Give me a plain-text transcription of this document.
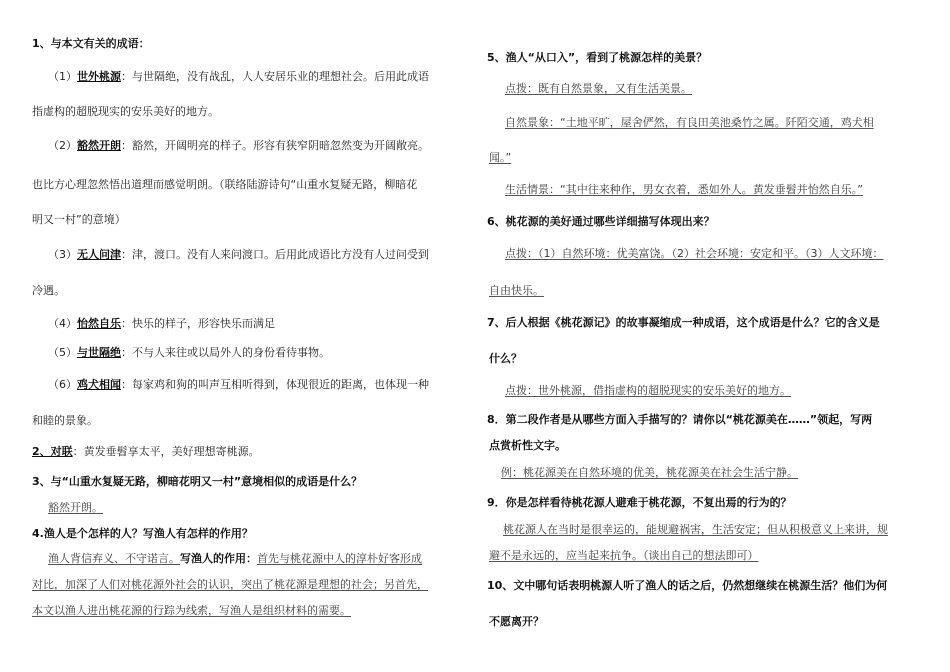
1、与本文有关的成语：
（1）世外桃源：与世隔绝，没有战乱，人人安居乐业的理想社会。后用此成语
指虚构的超脱现实的安乐美好的地方。
（2）豁然开朗：豁然，开阔明亮的样子。形容有狭窄阴暗忽然变为开阔敞亮。
也比方心理忽然悟出道理而感觉明朗。（联络陆游诗句“山重水复疑无路，柳暗花
明又一村”的意境）
（3）无人问津：津，渡口。没有人来问渡口。后用此成语比方没有人过问受到
冷遇。
（4）怡然自乐：快乐的样子，形容快乐而满足
（5）与世隔绝：不与人来往或以局外人的身份看待事物。
（6）鸡犬相闻：每家鸡和狗的叫声互相听得到，体现很近的距离，也体现一种
和睦的景象。
2、对联：黄发垂髫享太平，美好理想寄桃源。
3、与“山重水复疑无路，柳暗花明又一村”意境相似的成语是什么？
豁然开朗。
4.渔人是个怎样的人？写渔人有怎样的作用？
渔人背信弃义、不守诺言。写渔人的作用：首先与桃花源中人的淳朴好客形成
对比，加深了人们对桃花源外社会的认识，突出了桃花源是理想的社会；另首先，
本文以渔人进出桃花源的行踪为线索，写渔人是组织材料的需要。
5、渔人“从口入”，看到了桃源怎样的美景？
点拨：既有自然景象，又有生活美景。
自然景象：“土地平旷，屋舍俨然，有良田美池桑竹之属。阡陌交通，鸡犬相
闻。”
生活情景：“其中往来种作，男女衣着，悉如外人。黄发垂髫并怡然自乐。”
6、桃花源的美好通过哪些详细描写体现出来？
点拨：（1）自然环境：优美富饶。（2）社会环境：安定和平。（3）人文环境：
自由快乐。
7、后人根据《桃花源记》的故事凝缩成一种成语，这个成语是什么？它的含义是
什么？
点拨：世外桃源，借指虚构的超脱现实的安乐美好的地方。
8．第二段作者是从哪些方面入手描写的？请你以“桃花源美在……”领起，写两
点赏析性文字。
例：桃花源美在自然环境的优美，桃花源美在社会生活宁静。
9．你是怎样看待桃花源人避难于桃花源，不复出焉的行为的？
桃花源人在当时是很幸运的，能规避祸害，生活安定；但从积极意义上来讲，规
避不是永远的，应当起来抗争。（谈出自己的想法即可）
10、文中哪句话表明桃源人听了渔人的话之后，仍然想继续在桃源生活？他们为何
不愿离开？
